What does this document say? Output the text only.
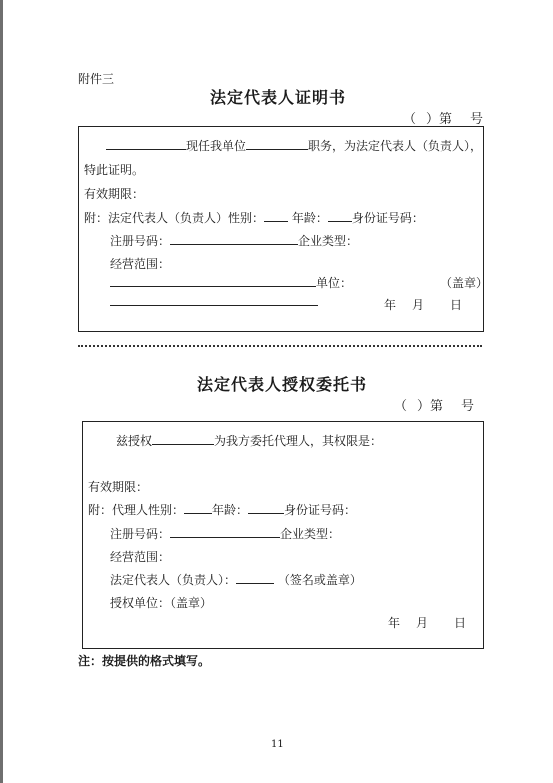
附件三
法定代表人证明书
（ ）第 号
现任我单位	职务，为法定代表人（负责人），
特此证明。
有效期限：
附：法定代表人（负责人）性别： 年龄： 身份证号码：
注册号码：	企业类型：
经营范围：
单位：	（盖章）
年 月 日
法定代表人授权委托书
（ ）第 号
兹授权	为我方委托代理人，其权限是：
有效期限：
附：代理人性别： 年龄：	身份证号码：
注册号码：	企业类型：
经营范围：
法定代表人（负责人）：	（签名或盖章）
授权单位：（盖章）
年 月 日
注：按提供的格式填写。
11
